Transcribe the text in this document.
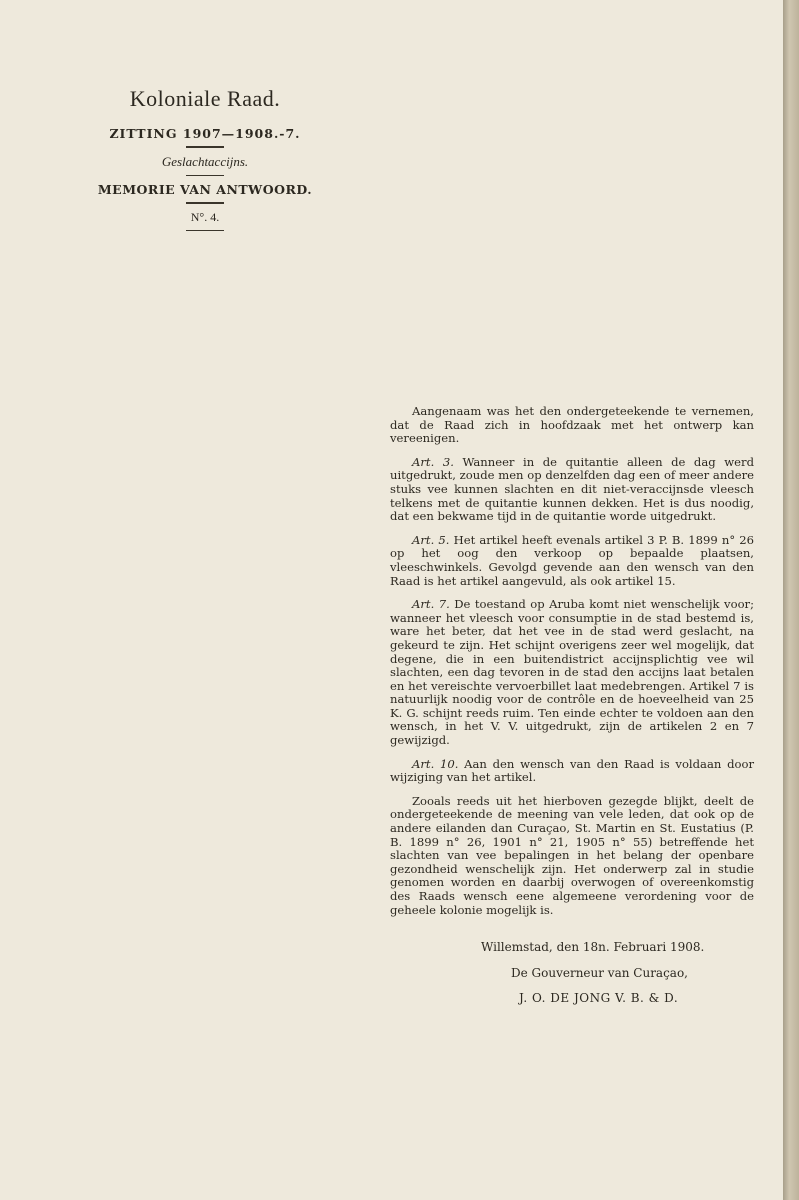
Koloniale Raad.
ZITTING 1907—1908.-7.
Geslachtaccijns.
MEMORIE VAN ANTWOORD.
N°. 4.

Aangenaam was het den ondergeteekende te vernemen, dat de Raad zich in hoofdzaak met het ontwerp kan vereenigen.

Art. 3. Wanneer in de quitantie alleen de dag werd uitgedrukt, zoude men op denzelfden dag een of meer andere stuks vee kunnen slachten en dit niet-veraccijnsde vleesch telkens met de quitantie kunnen dekken. Het is dus noodig, dat een bekwame tijd in de quitantie worde uitgedrukt.

Art. 5. Het artikel heeft evenals artikel 3 P. B. 1899 n° 26 op het oog den verkoop op bepaalde plaatsen, vleeschwinkels. Gevolgd gevende aan den wensch van den Raad is het artikel aangevuld, als ook artikel 15.

Art. 7. De toestand op Aruba komt niet wenschelijk voor; wanneer het vleesch voor consumptie in de stad bestemd is, ware het beter, dat het vee in de stad werd geslacht, na gekeurd te zijn. Het schijnt overigens zeer wel mogelijk, dat degene, die in een buitendistrict accijnsplichtig vee wil slachten, een dag tevoren in de stad den accijns laat betalen en het vereischte vervoerbillet laat medebrengen. Artikel 7 is natuurlijk noodig voor de contrôle en de hoeveelheid van 25 K. G. schijnt reeds ruim. Ten einde echter te voldoen aan den wensch, in het V. V. uitgedrukt, zijn de artikelen 2 en 7 gewijzigd.

Art. 10. Aan den wensch van den Raad is voldaan door wijziging van het artikel.

Zooals reeds uit het hierboven gezegde blijkt, deelt de ondergeteekende de meening van vele leden, dat ook op de andere eilanden dan Curaçao, St. Martin en St. Eustatius (P. B. 1899 n° 26, 1901 n° 21, 1905 n° 55) betreffende het slachten van vee bepalingen in het belang der openbare gezondheid wenschelijk zijn. Het onderwerp zal in studie genomen worden en daarbij overwogen of overeenkomstig des Raads wensch eene algemeene verordening voor de geheele kolonie mogelijk is.

Willemstad, den 18n. Februari 1908.
De Gouverneur van Curaçao,
J. O. DE JONG V. B. & D.
